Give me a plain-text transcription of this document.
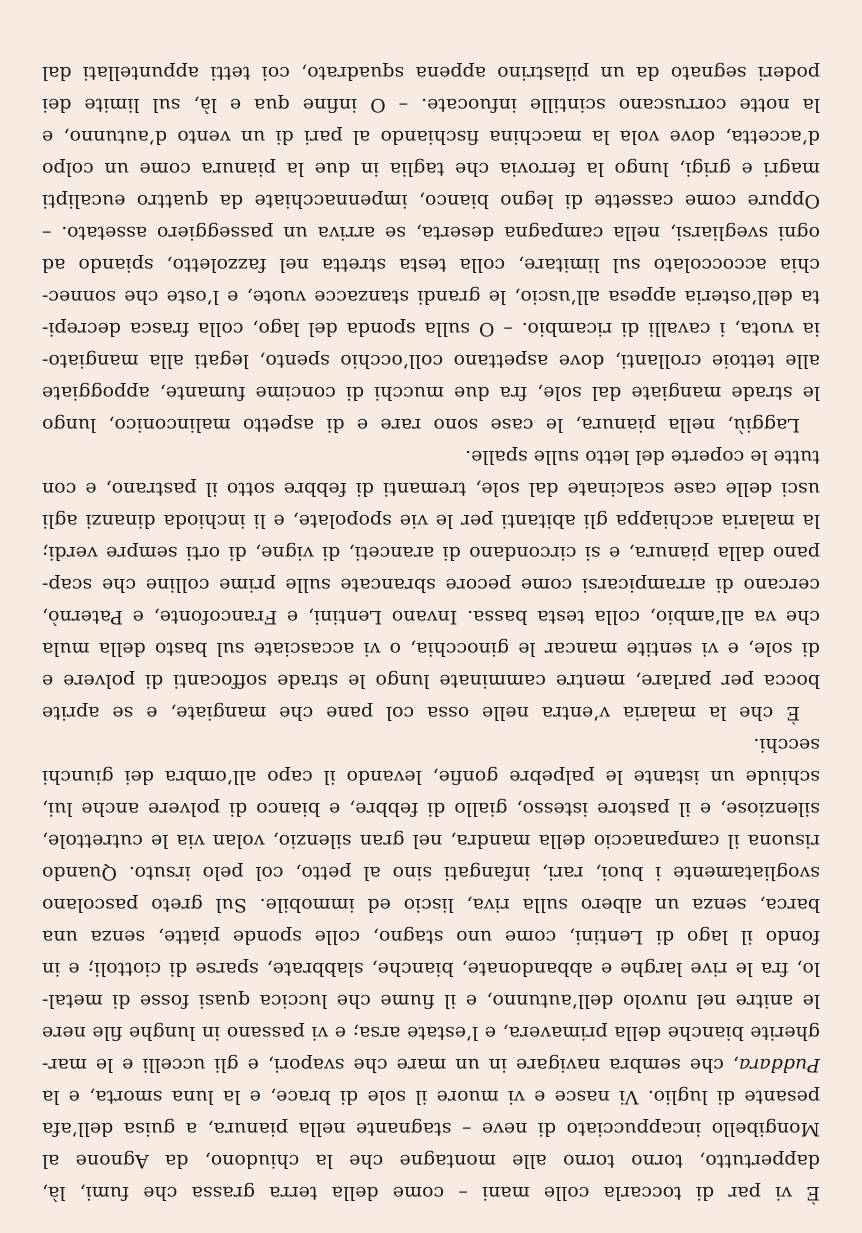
È vi par di toccarla colle mani – come della terra grassa che fumi, là,
dappertutto, torno torno alle montagne che la chiudono, da Agnone al
Mongibello incappucciato di neve – stagnante nella pianura, a guisa dell’afa
pesante di luglio. Vi nasce e vi muore il sole di brace, e la luna smorta, e la
Puddara, che sembra navigare in un mare che svapori, e gli uccelli e le mar-
gherite bianche della primavera, e l’estate arsa; e vi passano in lunghe file nere
le anitre nel nuvolo dell’autunno, e il fiume che luccica quasi fosse di metal-
lo, fra le rive larghe e abbandonate, bianche, slabbrate, sparse di ciottoli; e in
fondo il lago di Lentini, come uno stagno, colle sponde piatte, senza una
barca, senza un albero sulla riva, liscio ed immobile. Sul greto pascolano
svogliatamente i buoi, rari, infangati sino al petto, col pelo irsuto. Quando
risuona il campanaccio della mandra, nel gran silenzio, volan via le cutrettole,
silenziose, e il pastore istesso, giallo di febbre, e bianco di polvere anche lui,
schiude un istante le palpebre gonfie, levando il capo all’ombra dei giunchi
secchi.
È che la malaria v’entra nelle ossa col pane che mangiate, e se aprite
bocca per parlare, mentre camminate lungo le strade soffocanti di polvere e
di sole, e vi sentite mancar le ginocchia, o vi accasciate sul basto della mula
che va all’ambio, colla testa bassa. Invano Lentini, e Francofonte, e Paternò,
cercano di arrampicarsi come pecore sbrancate sulle prime colline che scap-
pano dalla pianura, e si circondano di aranceti, di vigne, di orti sempre verdi;
la malaria acchiappa gli abitanti per le vie spopolate, e li inchioda dinanzi agli
usci delle case scalcinate dal sole, tremanti di febbre sotto il pastrano, e con
tutte le coperte del letto sulle spalle.
Laggiù, nella pianura, le case sono rare e di aspetto malinconico, lungo
le strade mangiate dal sole, fra due mucchi di concime fumante, appoggiate
alle tettoie crollanti, dove aspettano coll’occhio spento, legati alla mangiato-
ia vuota, i cavalli di ricambio. – O sulla sponda del lago, colla frasca decrepi-
ta dell’osteria appesa all’uscio, le grandi stanzacce vuote, e l’oste che sonnec-
chia accoccolato sul limitare, colla testa stretta nel fazzoletto, spiando ad
ogni svegliarsi, nella campagna deserta, se arriva un passeggiero assetato. –
Oppure come cassette di legno bianco, impennacchiate da quattro eucalipti
magri e grigi, lungo la ferrovia che taglia in due la pianura come un colpo
d’accetta, dove vola la macchina fischiando al pari di un vento d’autunno, e
la notte corruscano scintille infuocate. – O infine qua e là, sul limite dei
poderi segnato da un pilastrino appena squadrato, coi tetti appuntellati dal
